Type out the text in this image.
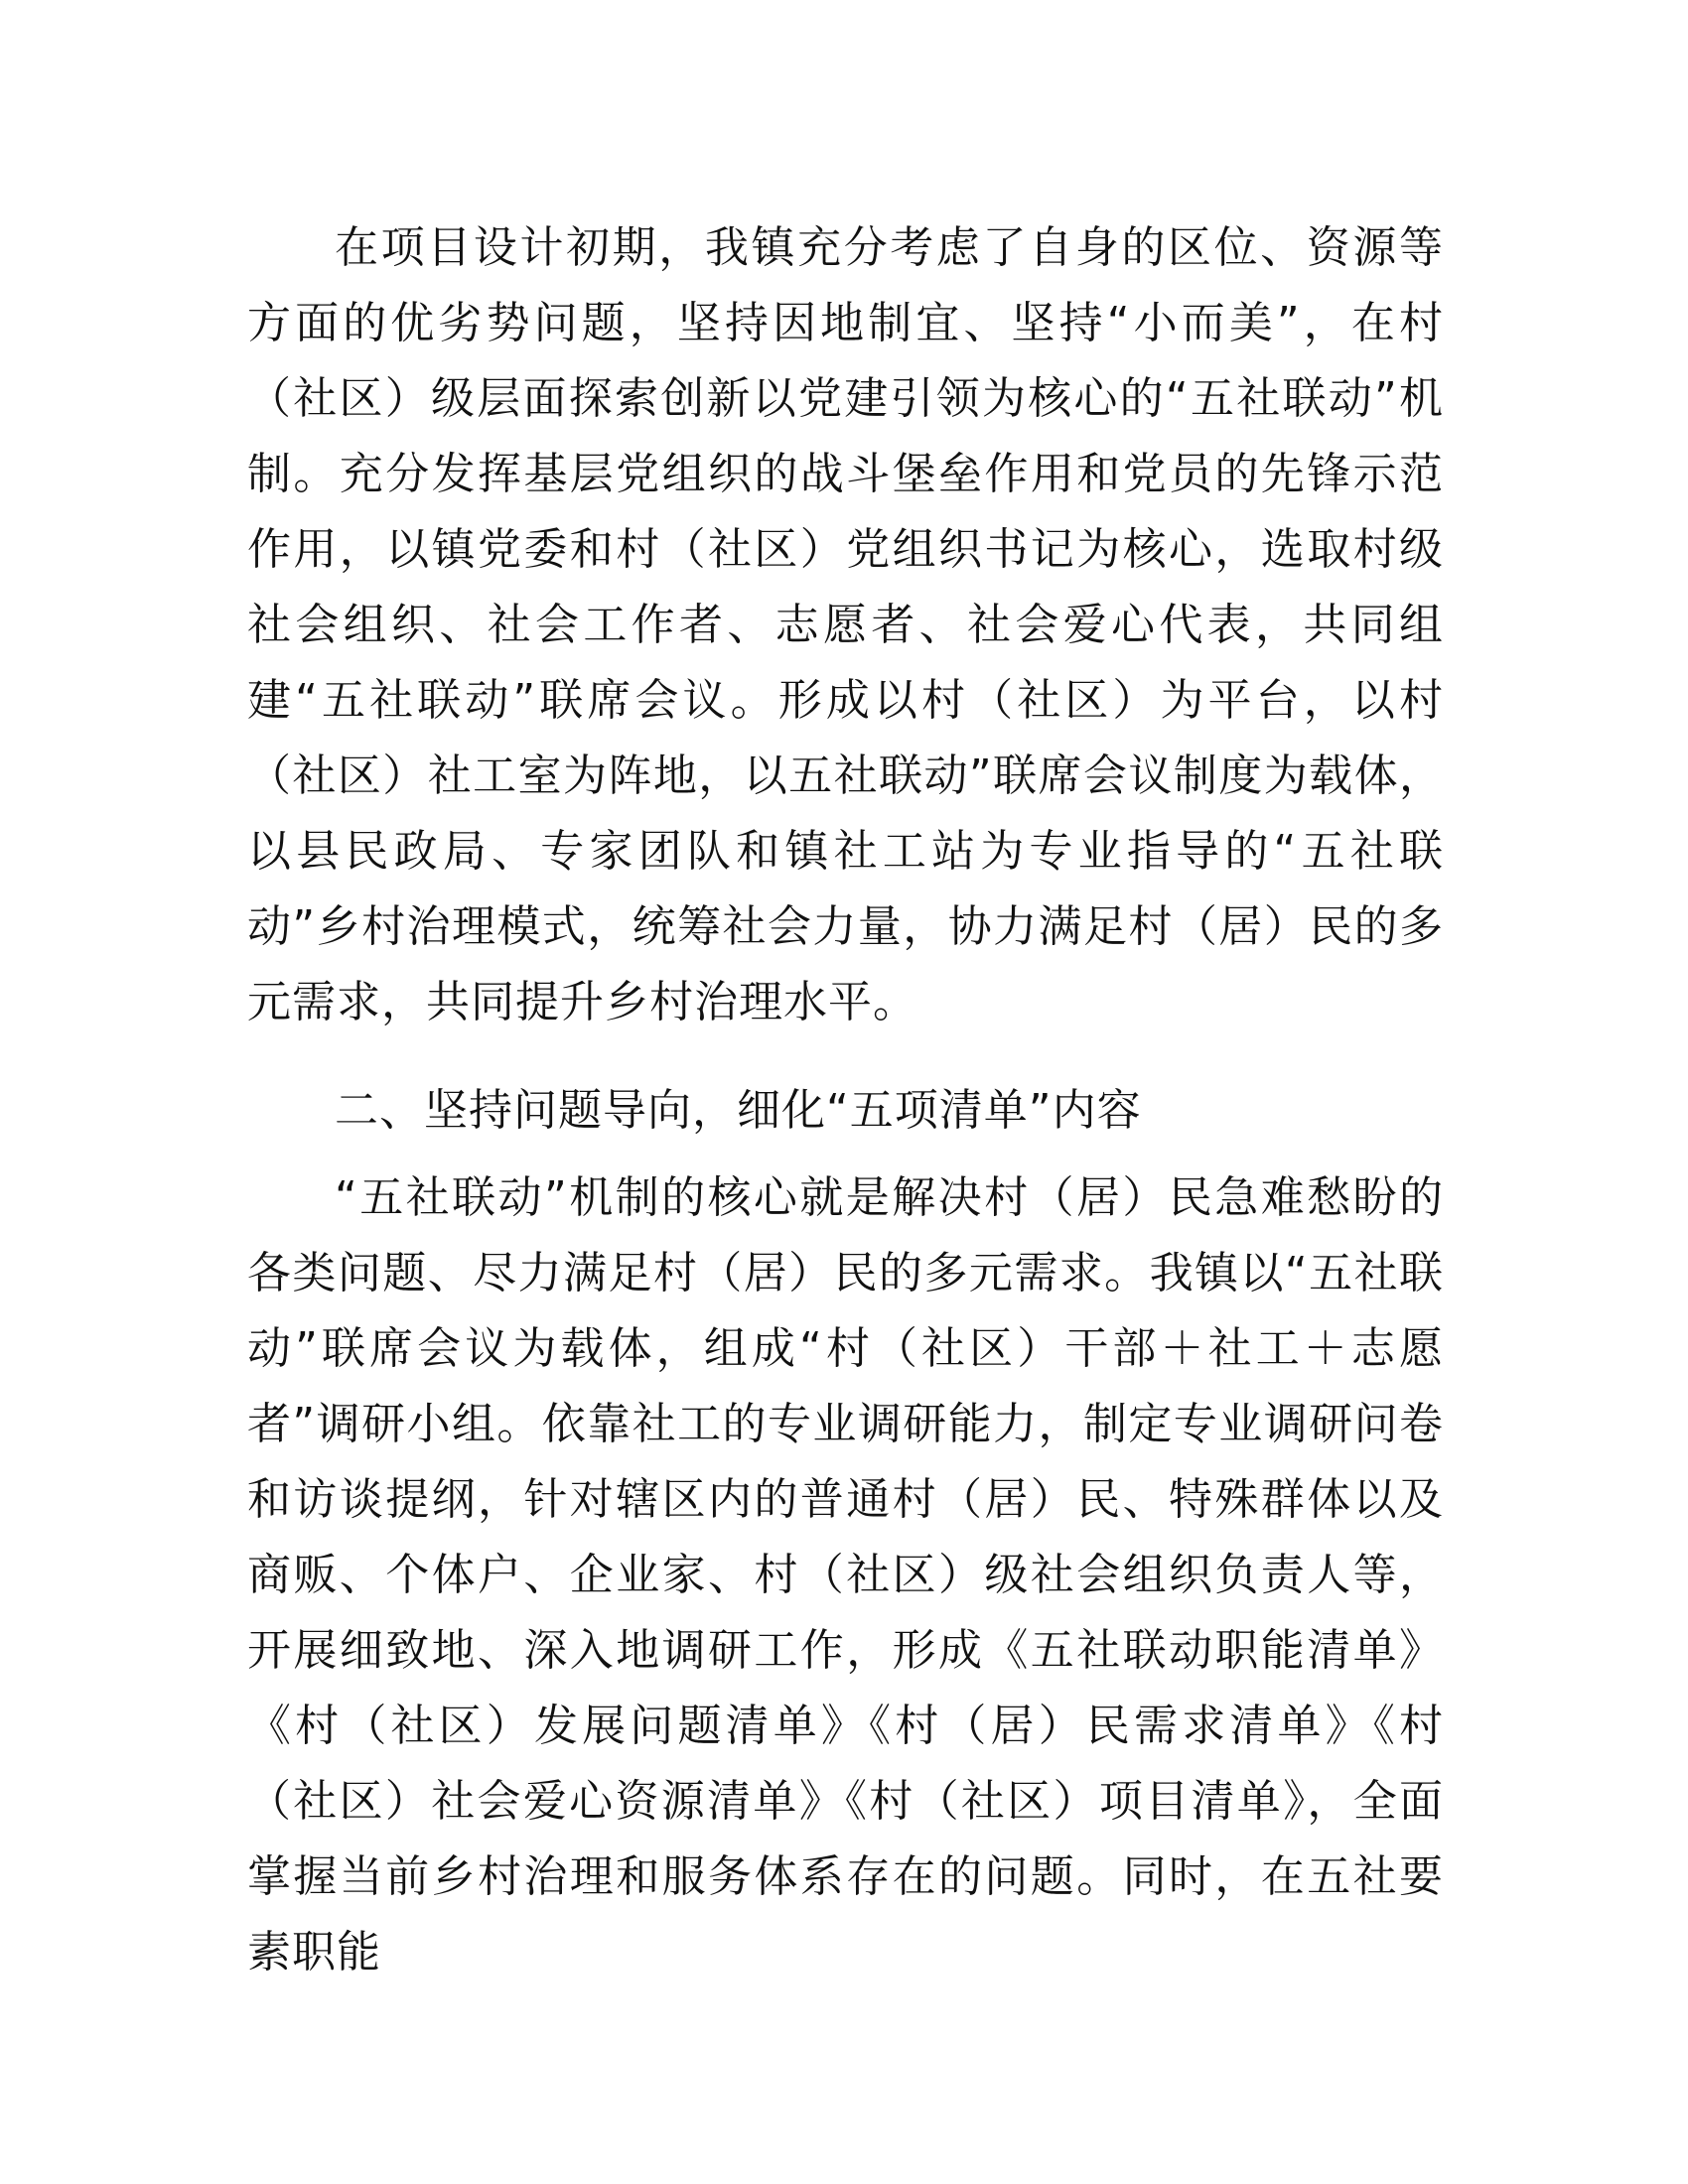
在项目设计初期，我镇充分考虑了自身的区位、资源等方面的优劣势问题，坚持因地制宜、坚持“小而美”，在村（社区）级层面探索创新以党建引领为核心的“五社联动”机制。充分发挥基层党组织的战斗堡垒作用和党员的先锋示范作用，以镇党委和村（社区）党组织书记为核心，选取村级社会组织、社会工作者、志愿者、社会爱心代表，共同组建“五社联动”联席会议。形成以村（社区）为平台，以村（社区）社工室为阵地，以五社联动”联席会议制度为载体，以县民政局、专家团队和镇社工站为专业指导的“五社联动”乡村治理模式，统筹社会力量，协力满足村（居）民的多元需求，共同提升乡村治理水平。

二、坚持问题导向，细化“五项清单”内容

“五社联动”机制的核心就是解决村（居）民急难愁盼的各类问题、尽力满足村（居）民的多元需求。我镇以“五社联动”联席会议为载体，组成“村（社区）干部＋社工＋志愿者”调研小组。依靠社工的专业调研能力，制定专业调研问卷和访谈提纲，针对辖区内的普通村（居）民、特殊群体以及商贩、个体户、企业家、村（社区）级社会组织负责人等，开展细致地、深入地调研工作，形成《五社联动职能清单》《村（社区）发展问题清单》《村（居）民需求清单》《村（社区）社会爱心资源清单》《村（社区）项目清单》，全面掌握当前乡村治理和服务体系存在的问题。同时，在五社要素职能
